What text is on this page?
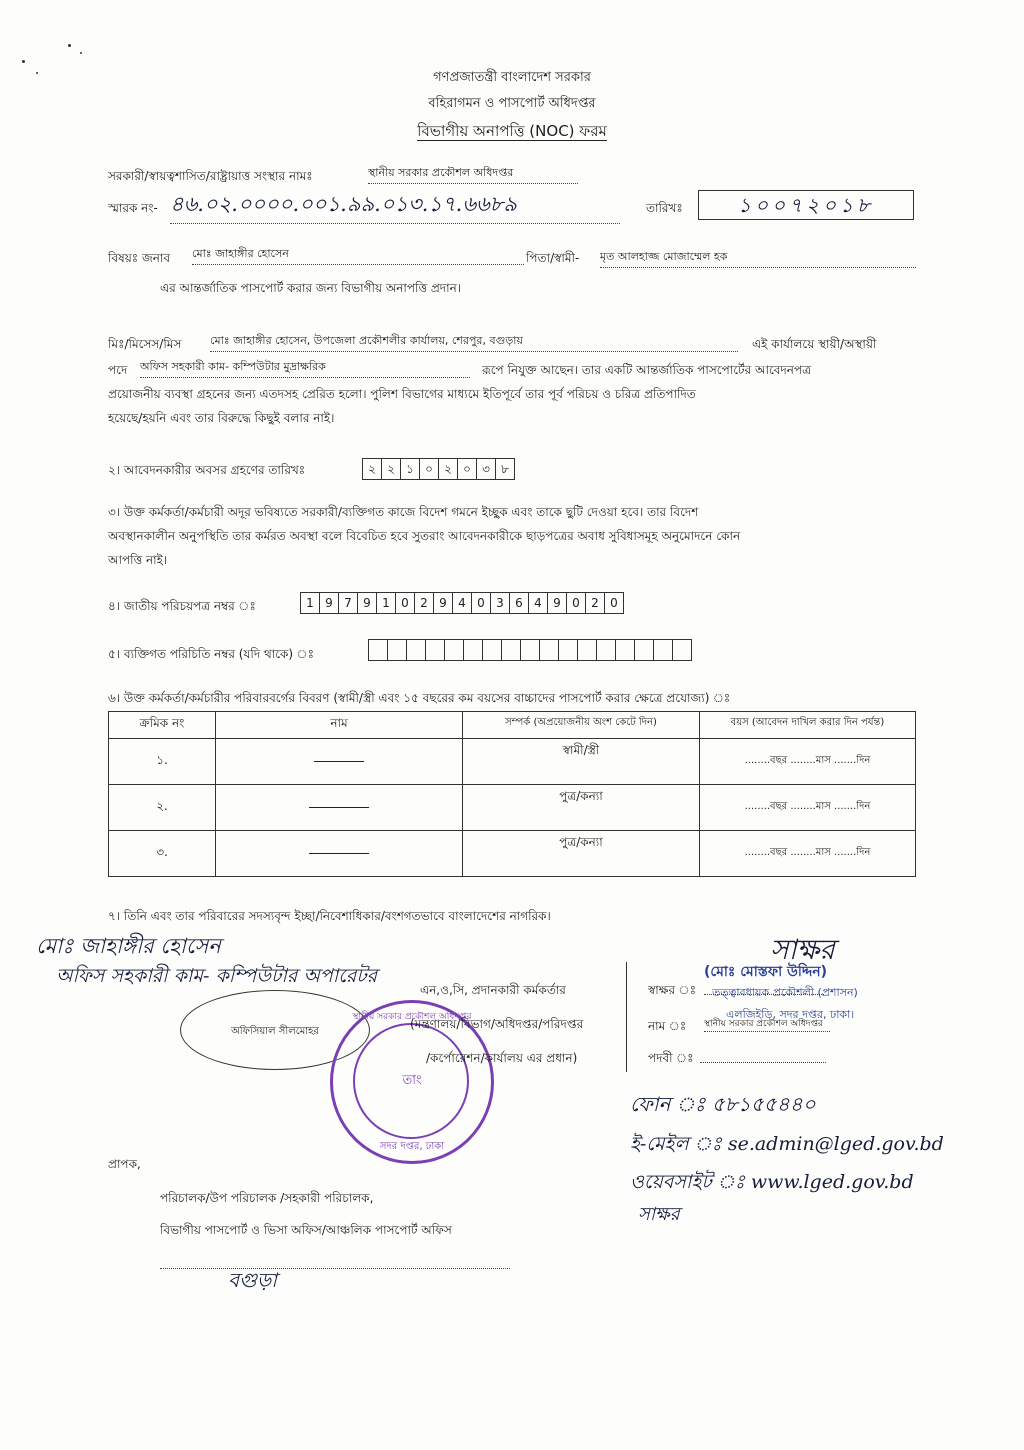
গণপ্রজাতন্ত্রী বাংলাদেশ সরকার
বহিরাগমন ও পাসপোর্ট অধিদপ্তর
বিভাগীয় অনাপত্তি (NOC) ফরম
সরকারী/স্বায়ত্বশাসিত/রাষ্ট্রায়াত্ত সংস্থার নামঃ	স্থানীয় সরকার প্রকৌশল অধিদপ্তর
স্মারক নং- ৪৬.০২.০০০০.০০১.৯৯.০১৩.১৭.৬৬৮৯	তারিখঃ	১০০৭২০১৮
বিষয়ঃ জনাব মোঃ জাহাঙ্গীর হোসেন	পিতা/স্বামী- মৃত আলহাজ্জ মোজাম্মেল হক
এর আন্তর্জাতিক পাসপোর্ট করার জন্য বিভাগীয় অনাপত্তি প্রদান।
মিঃ/মিসেস/মিস	মোঃ জাহাঙ্গীর হোসেন, উপজেলা প্রকৌশলীর কার্যালয়, শেরপুর, বগুড়ায়	এই কার্যালয়ে স্থায়ী/অস্থায়ী
পদে অফিস সহকারী কাম- কম্পিউটার মুদ্রাক্ষরিক	রূপে নিযুক্ত আছেন। তার একটি আন্তর্জাতিক পাসপোর্টের আবেদনপত্র
প্রয়োজনীয় ব্যবস্থা গ্রহনের জন্য এতদসহ প্রেরিত হলো। পুলিশ বিভাগের মাধ্যমে ইতিপূর্বে তার পূর্ব পরিচয় ও চরিত্র প্রতিপাদিত
হয়েছে/হয়নি এবং তার বিরুদ্ধে কিছুই বলার নাই।
২। আবেদনকারীর অবসর গ্রহণের তারিখঃ	২ ২ ১ ০ ২ ০ ৩ ৮
৩। উক্ত কর্মকর্তা/কর্মচারী অদূর ভবিষ্যতে সরকারী/ব্যক্তিগত কাজে বিদেশ গমনে ইচ্ছুক এবং তাকে ছুটি দেওয়া হবে। তার বিদেশ
অবস্থানকালীন অনুপস্থিতি তার কর্মরত অবস্থা বলে বিবেচিত হবে সুতরাং আবেদনকারীকে ছাড়পত্রের অবাধ সুবিধাসমূহ অনুমোদনে কোন
আপত্তি নাই।
৪। জাতীয় পরিচয়পত্র নম্বর ঃ	1 9 7 9 1 0 2 9 4 0 3 6 4 9 0 2 0
৫। ব্যক্তিগত পরিচিতি নম্বর (যদি থাকে) ঃ
৬। উক্ত কর্মকর্তা/কর্মচারীর পরিবারবর্গের বিবরণ (স্বামী/স্ত্রী এবং ১৫ বছরের কম বয়সের বাচ্চাদের পাসপোর্ট করার ক্ষেত্রে প্রযোজ্য) ঃ
ক্রমিক নং	নাম	সম্পর্ক (অপ্রয়োজনীয় অংশ কেটে দিন)	বয়স (আবেদন দাখিল করার দিন পর্যন্ত)
১.		স্বামী/স্ত্রী	........বছর ........মাস .......দিন
২.		পুত্র/কন্যা	........বছর ........মাস .......দিন
৩.		পুত্র/কন্যা	........বছর ........মাস .......দিন
৭। তিনি এবং তার পরিবারের সদস্যবৃন্দ ইচ্ছা/নিবেশাধিকার/বংশগতভাবে বাংলাদেশের নাগরিক।
মোঃ জাহাঙ্গীর হোসেন
অফিস সহকারী কাম- কম্পিউটার অপারেটর
অফিসিয়াল সীলমোহর
স্থানীয় সরকার প্রকৌশল অধিদপ্তর
তাং
সদর দপ্তর, ঢাকা
এন,ও,সি, প্রদানকারী কর্মকর্তার
(মন্ত্রণালয়/বিভাগ/অধিদপ্তর/পরিদপ্তর
/কর্পোরেশন/কার্যালয় এর প্রধান)
স্বাক্ষর ঃ
সাক্ষর
(মোঃ মোস্তফা উদ্দিন)
তত্ত্বাবধায়ক প্রকৌশলী (প্রশাসন)
এলজিইডি, সদর দপ্তর, ঢাকা।
নাম ঃ স্থানীয় সরকার প্রকৌশল অধিদপ্তর
পদবী ঃ
ফোন ঃ ৫৮১৫৫৪৪০
ই-মেইল ঃ se.admin@lged.gov.bd
ওয়েবসাইট ঃ www.lged.gov.bd
সাক্ষর
প্রাপক,
পরিচালক/উপ পরিচালক /সহকারী পরিচালক,
বিভাগীয় পাসপোর্ট ও ভিসা অফিস/আঞ্চলিক পাসপোর্ট অফিস
বগুড়া
